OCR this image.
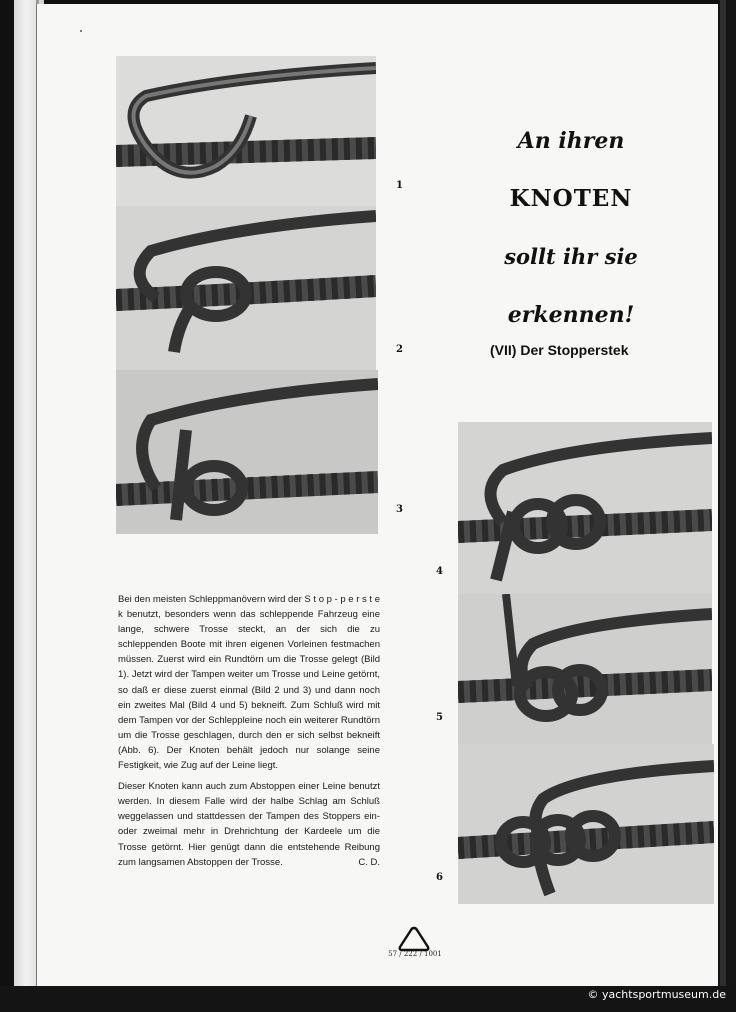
1
2
3
4
5
6
An ihren
KNOTEN
sollt ihr sie
erkennen!
(VII) Der Stopperstek

Bei den meisten Schleppmanövern wird der S t o p - p e r s t e k benutzt, besonders wenn das schleppende Fahrzeug eine lange, schwere Trosse steckt, an der sich die zu schleppenden Boote mit ihren eigenen Vorleinen festmachen müssen. Zuerst wird ein Rundtörn um die Trosse gelegt (Bild 1). Jetzt wird der Tampen weiter um Trosse und Leine getörnt, so daß er diese zuerst einmal (Bild 2 und 3) und dann noch ein zweites Mal (Bild 4 und 5) bekneift. Zum Schluß wird mit dem Tampen vor der Schleppleine noch ein weiterer Rundtörn um die Trosse geschlagen, durch den er sich selbst bekneift (Abb. 6). Der Knoten behält jedoch nur solange seine Festigkeit, wie Zug auf der Leine liegt.

Dieser Knoten kann auch zum Abstoppen einer Leine benutzt werden. In diesem Falle wird der halbe Schlag am Schluß weggelassen und stattdessen der Tampen des Stoppers ein- oder zweimal mehr in Drehrichtung der Kardeele um die Trosse getörnt. Hier genügt dann die entstehende Reibung zum langsamen Abstoppen der Trosse.	C. D.

57 / 222 / 1001
© yachtsportmuseum.de
